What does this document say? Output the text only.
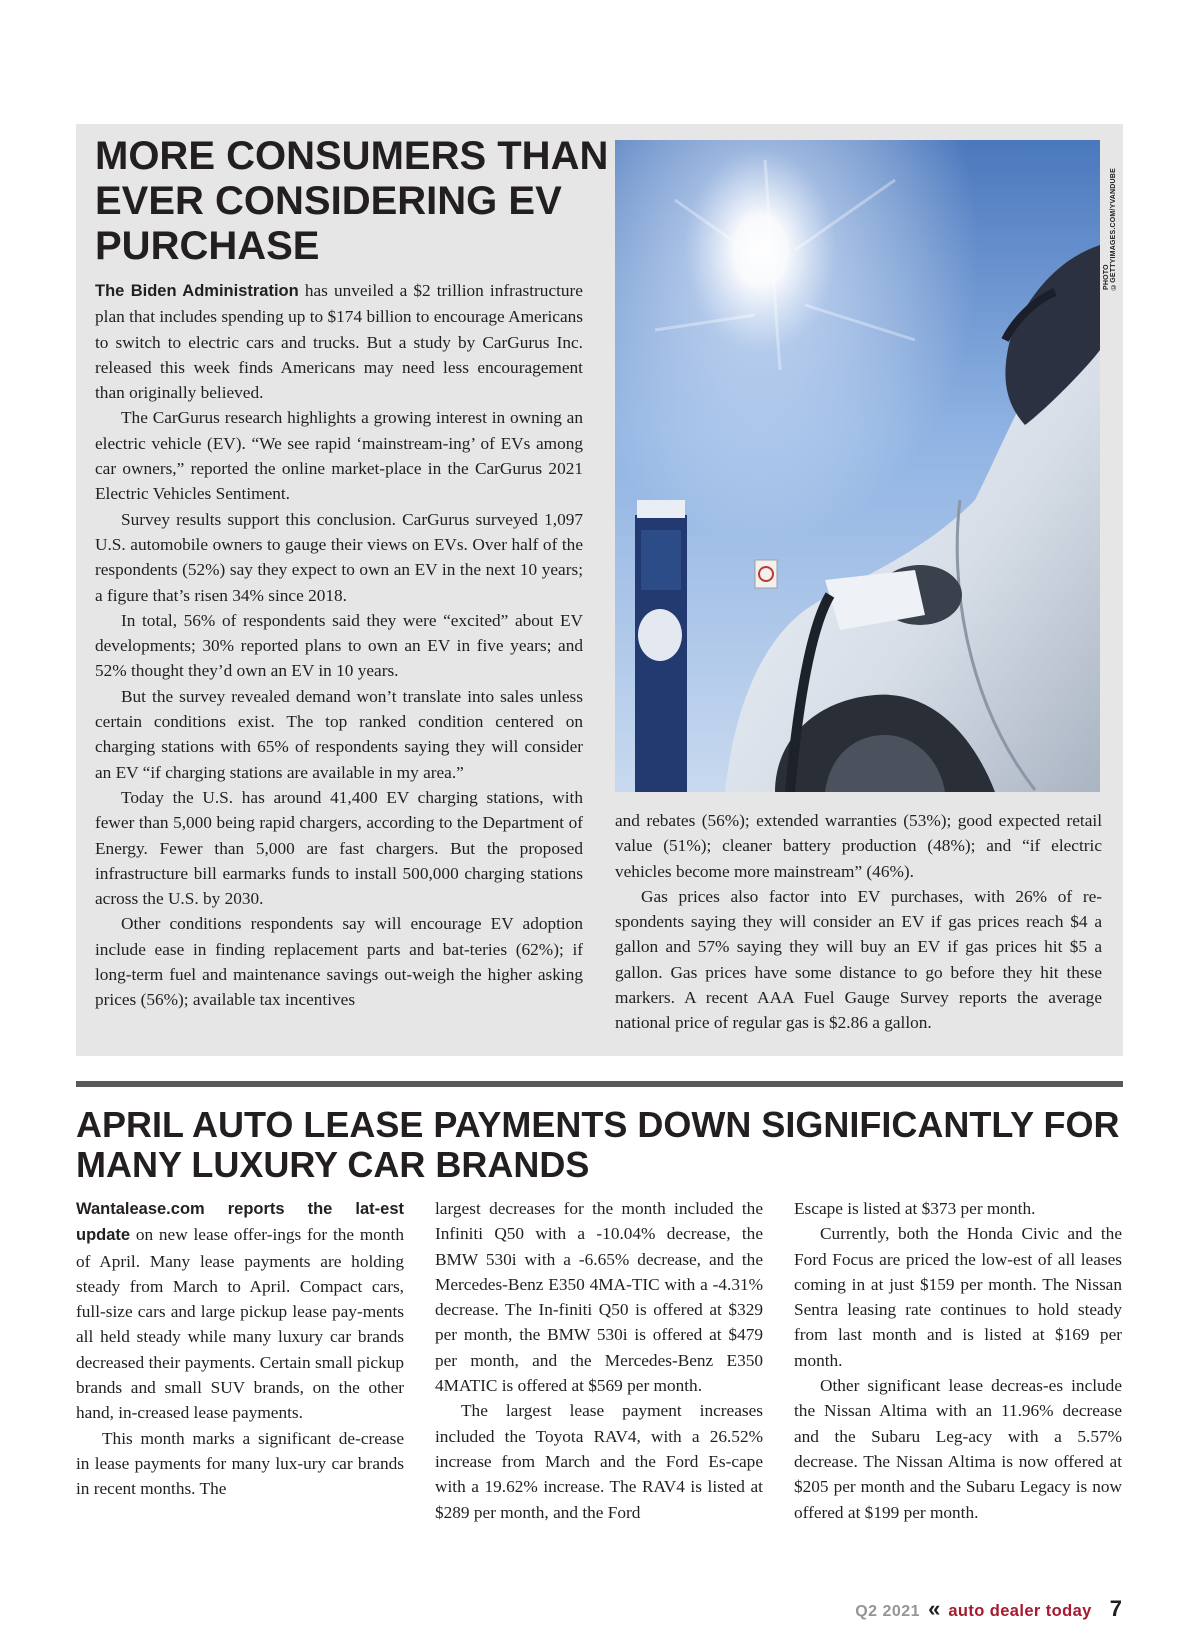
MORE CONSUMERS THAN EVER CONSIDERING EV PURCHASE

The Biden Administration has unveiled a $2 trillion infrastructure plan that includes spending up to $174 billion to encourage Americans to switch to electric cars and trucks. But a study by CarGurus Inc. released this week finds Americans may need less encouragement than originally believed.

The CarGurus research highlights a growing interest in owning an electric vehicle (EV). “We see rapid ‘mainstream-ing’ of EVs among car owners,” reported the online market-place in the CarGurus 2021 Electric Vehicles Sentiment.

Survey results support this conclusion. CarGurus surveyed 1,097 U.S. automobile owners to gauge their views on EVs. Over half of the respondents (52%) say they expect to own an EV in the next 10 years; a figure that’s risen 34% since 2018.

In total, 56% of respondents said they were “excited” about EV developments; 30% reported plans to own an EV in five years; and 52% thought they’d own an EV in 10 years.

But the survey revealed demand won’t translate into sales unless certain conditions exist. The top ranked condition centered on charging stations with 65% of respondents saying they will consider an EV “if charging stations are available in my area.”

Today the U.S. has around 41,400 EV charging stations, with fewer than 5,000 being rapid chargers, according to the Department of Energy. Fewer than 5,000 are fast chargers. But the proposed infrastructure bill earmarks funds to install 500,000 charging stations across the U.S. by 2030.

Other conditions respondents say will encourage EV adoption include ease in finding replacement parts and bat-teries (62%); if long-term fuel and maintenance savings out-weigh the higher asking prices (56%); available tax incentives

PHOTO ©GETTYIMAGES.COM/YVANDUBE

and rebates (56%); extended warranties (53%); good expected retail value (51%); cleaner battery production (48%); and “if electric vehicles become more mainstream” (46%).

Gas prices also factor into EV purchases, with 26% of re-spondents saying they will consider an EV if gas prices reach $4 a gallon and 57% saying they will buy an EV if gas prices hit $5 a gallon. Gas prices have some distance to go before they hit these markers. A recent AAA Fuel Gauge Survey reports the average national price of regular gas is $2.86 a gallon.

APRIL AUTO LEASE PAYMENTS DOWN SIGNIFICANTLY FOR MANY LUXURY CAR BRANDS

Wantalease.com reports the lat-est update on new lease offer-ings for the month of April. Many lease payments are holding steady from March to April. Compact cars, full-size cars and large pickup lease pay-ments all held steady while many luxury car brands decreased their payments. Certain small pickup brands and small SUV brands, on the other hand, in-creased lease payments.

This month marks a significant de-crease in lease payments for many lux-ury car brands in recent months. The

largest decreases for the month included the Infiniti Q50 with a -10.04% decrease, the BMW 530i with a -6.65% decrease, and the Mercedes-Benz E350 4MA-TIC with a -4.31% decrease. The In-finiti Q50 is offered at $329 per month, the BMW 530i is offered at $479 per month, and the Mercedes-Benz E350 4MATIC is offered at $569 per month.

The largest lease payment increases included the Toyota RAV4, with a 26.52% increase from March and the Ford Es-cape with a 19.62% increase. The RAV4 is listed at $289 per month, and the Ford

Escape is listed at $373 per month.

Currently, both the Honda Civic and the Ford Focus are priced the low-est of all leases coming in at just $159 per month. The Nissan Sentra leasing rate continues to hold steady from last month and is listed at $169 per month.

Other significant lease decreas-es include the Nissan Altima with an 11.96% decrease and the Subaru Leg-acy with a 5.57% decrease. The Nissan Altima is now offered at $205 per month and the Subaru Legacy is now offered at $199 per month.

Q2 2021 « auto dealer today 7
